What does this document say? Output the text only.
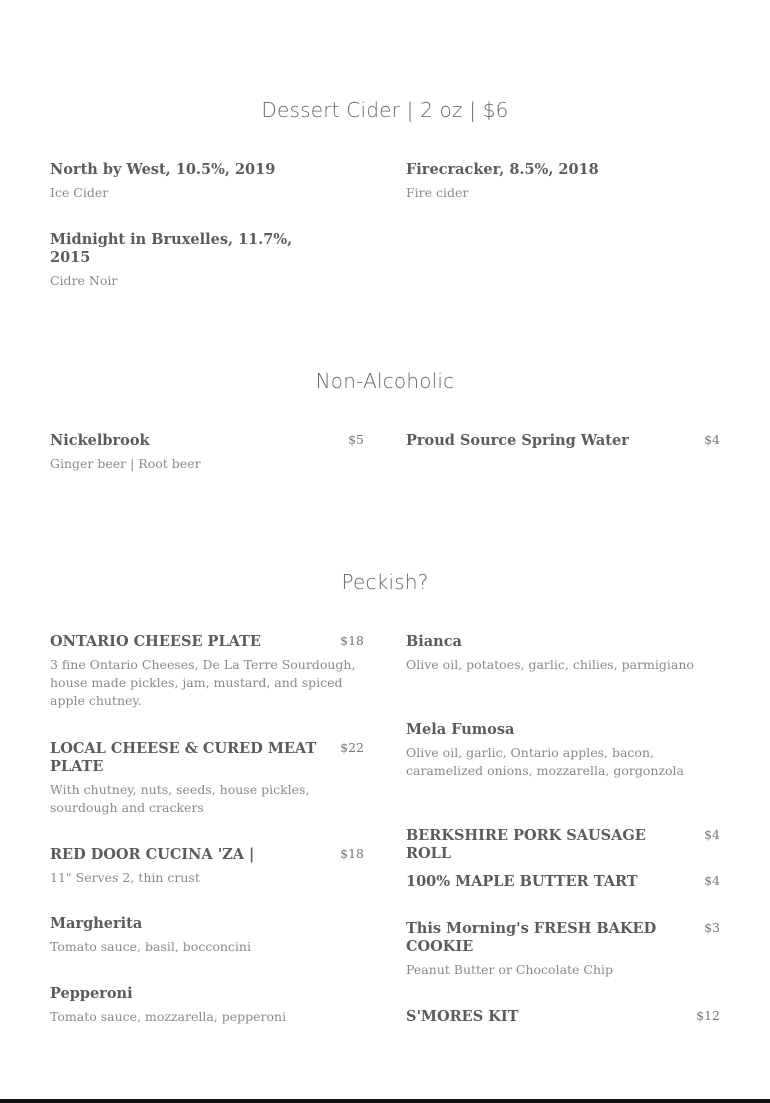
Dessert Cider | 2 oz | $6
North by West, 10.5%, 2019
Ice Cider
Firecracker, 8.5%, 2018
Fire cider
Midnight in Bruxelles, 11.7%, 2015
Cidre Noir
Non-Alcoholic
Nickelbrook	$5
Ginger beer | Root beer
Proud Source Spring Water	$4
Peckish?
ONTARIO CHEESE PLATE	$18
3 fine Ontario Cheeses, De La Terre Sourdough, house made pickles, jam, mustard, and spiced apple chutney.
LOCAL CHEESE & CURED MEAT PLATE
$22
With chutney, nuts, seeds, house pickles, sourdough and crackers
RED DOOR CUCINA 'ZA |	$18
11" Serves 2, thin crust
Margherita
Tomato sauce, basil, bocconcini
Pepperoni
Tomato sauce, mozzarella, pepperoni
Bianca
Olive oil, potatoes, garlic, chilies, parmigiano
Mela Fumosa
Olive oil, garlic, Ontario apples, bacon, caramelized onions, mozzarella, gorgonzola
BERKSHIRE PORK SAUSAGE ROLL
$4
100% MAPLE BUTTER TART	$4
This Morning's FRESH BAKED COOKIE
$3
Peanut Butter or Chocolate Chip
S'MORES KIT	$12
